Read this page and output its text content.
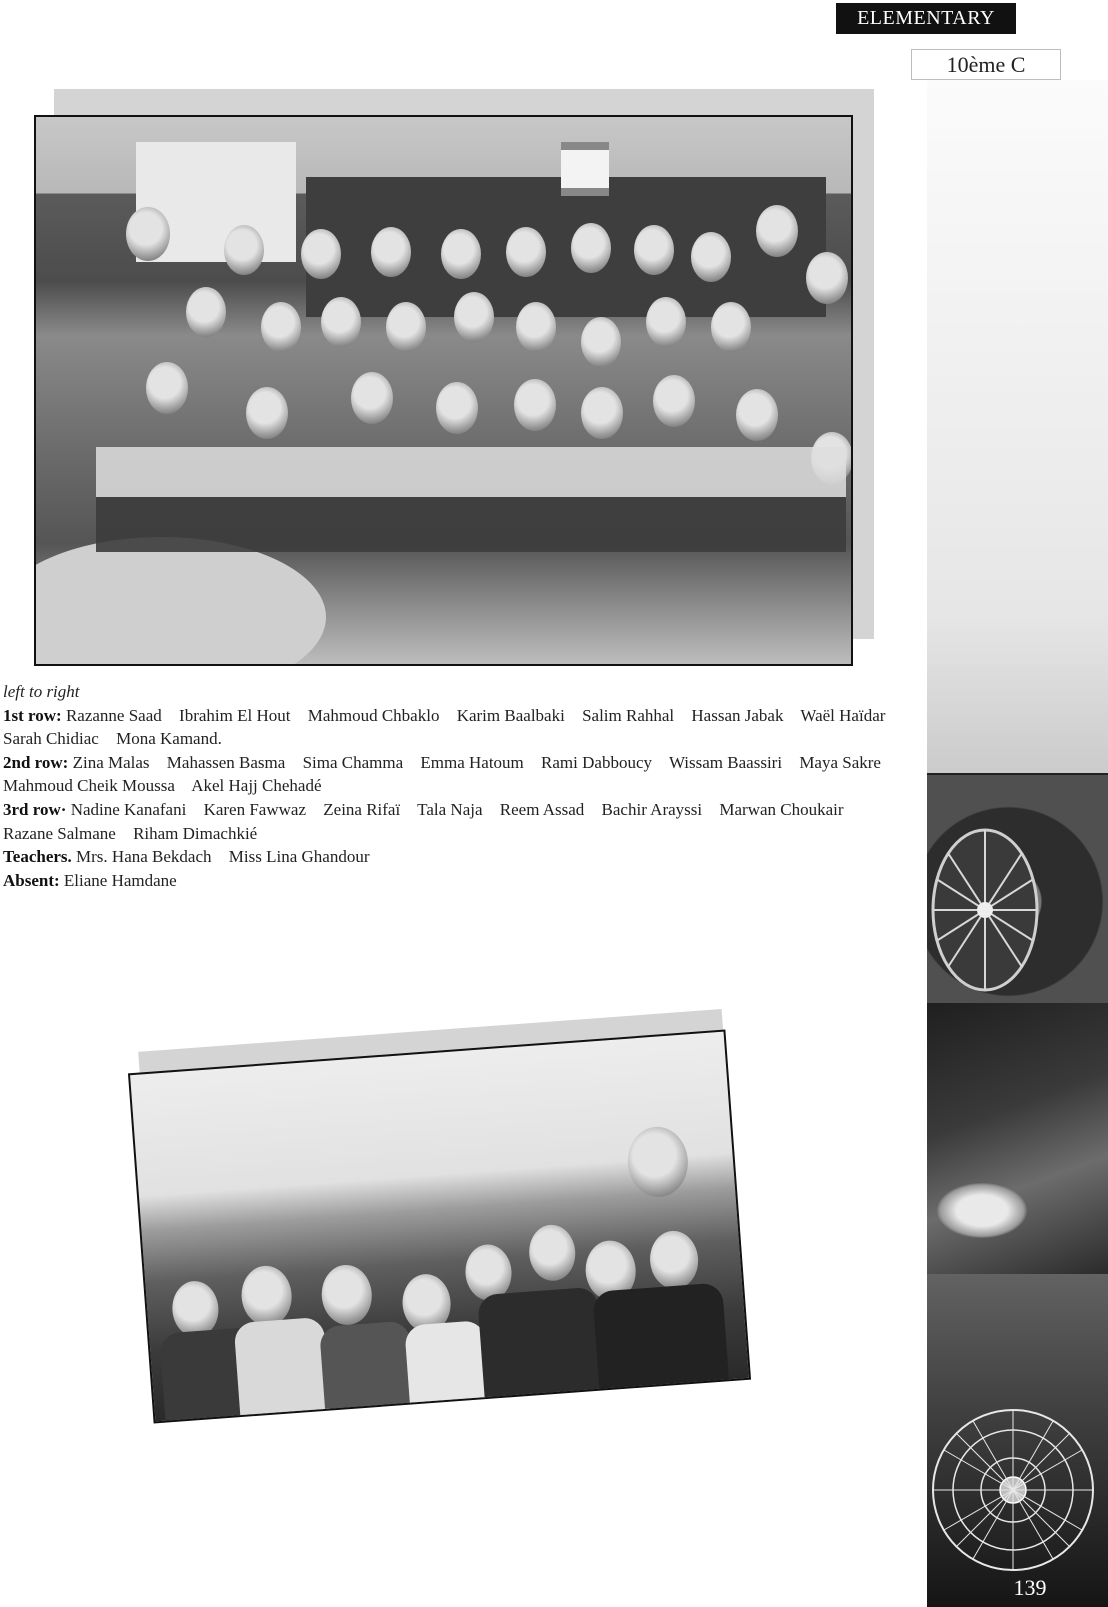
ELEMENTARY
10ème C
139
left to right
1st row: Razanne Saad Ibrahim El Hout Mahmoud Chbaklo Karim Baalbaki Salim Rahhal Hassan Jabak Waël Haïdar Sarah Chidiac Mona Kamand.
2nd row: Zina Malas Mahassen Basma Sima Chamma Emma Hatoum Rami Dabboucy Wissam Baassiri Maya Sakre Mahmoud Cheik Moussa Akel Hajj Chehadé
3rd row· Nadine Kanafani Karen Fawwaz Zeina Rifaï Tala Naja Reem Assad Bachir Arayssi Marwan Choukair Razane Salmane Riham Dimachkié
Teachers. Mrs. Hana Bekdach Miss Lina Ghandour
Absent: Eliane Hamdane
